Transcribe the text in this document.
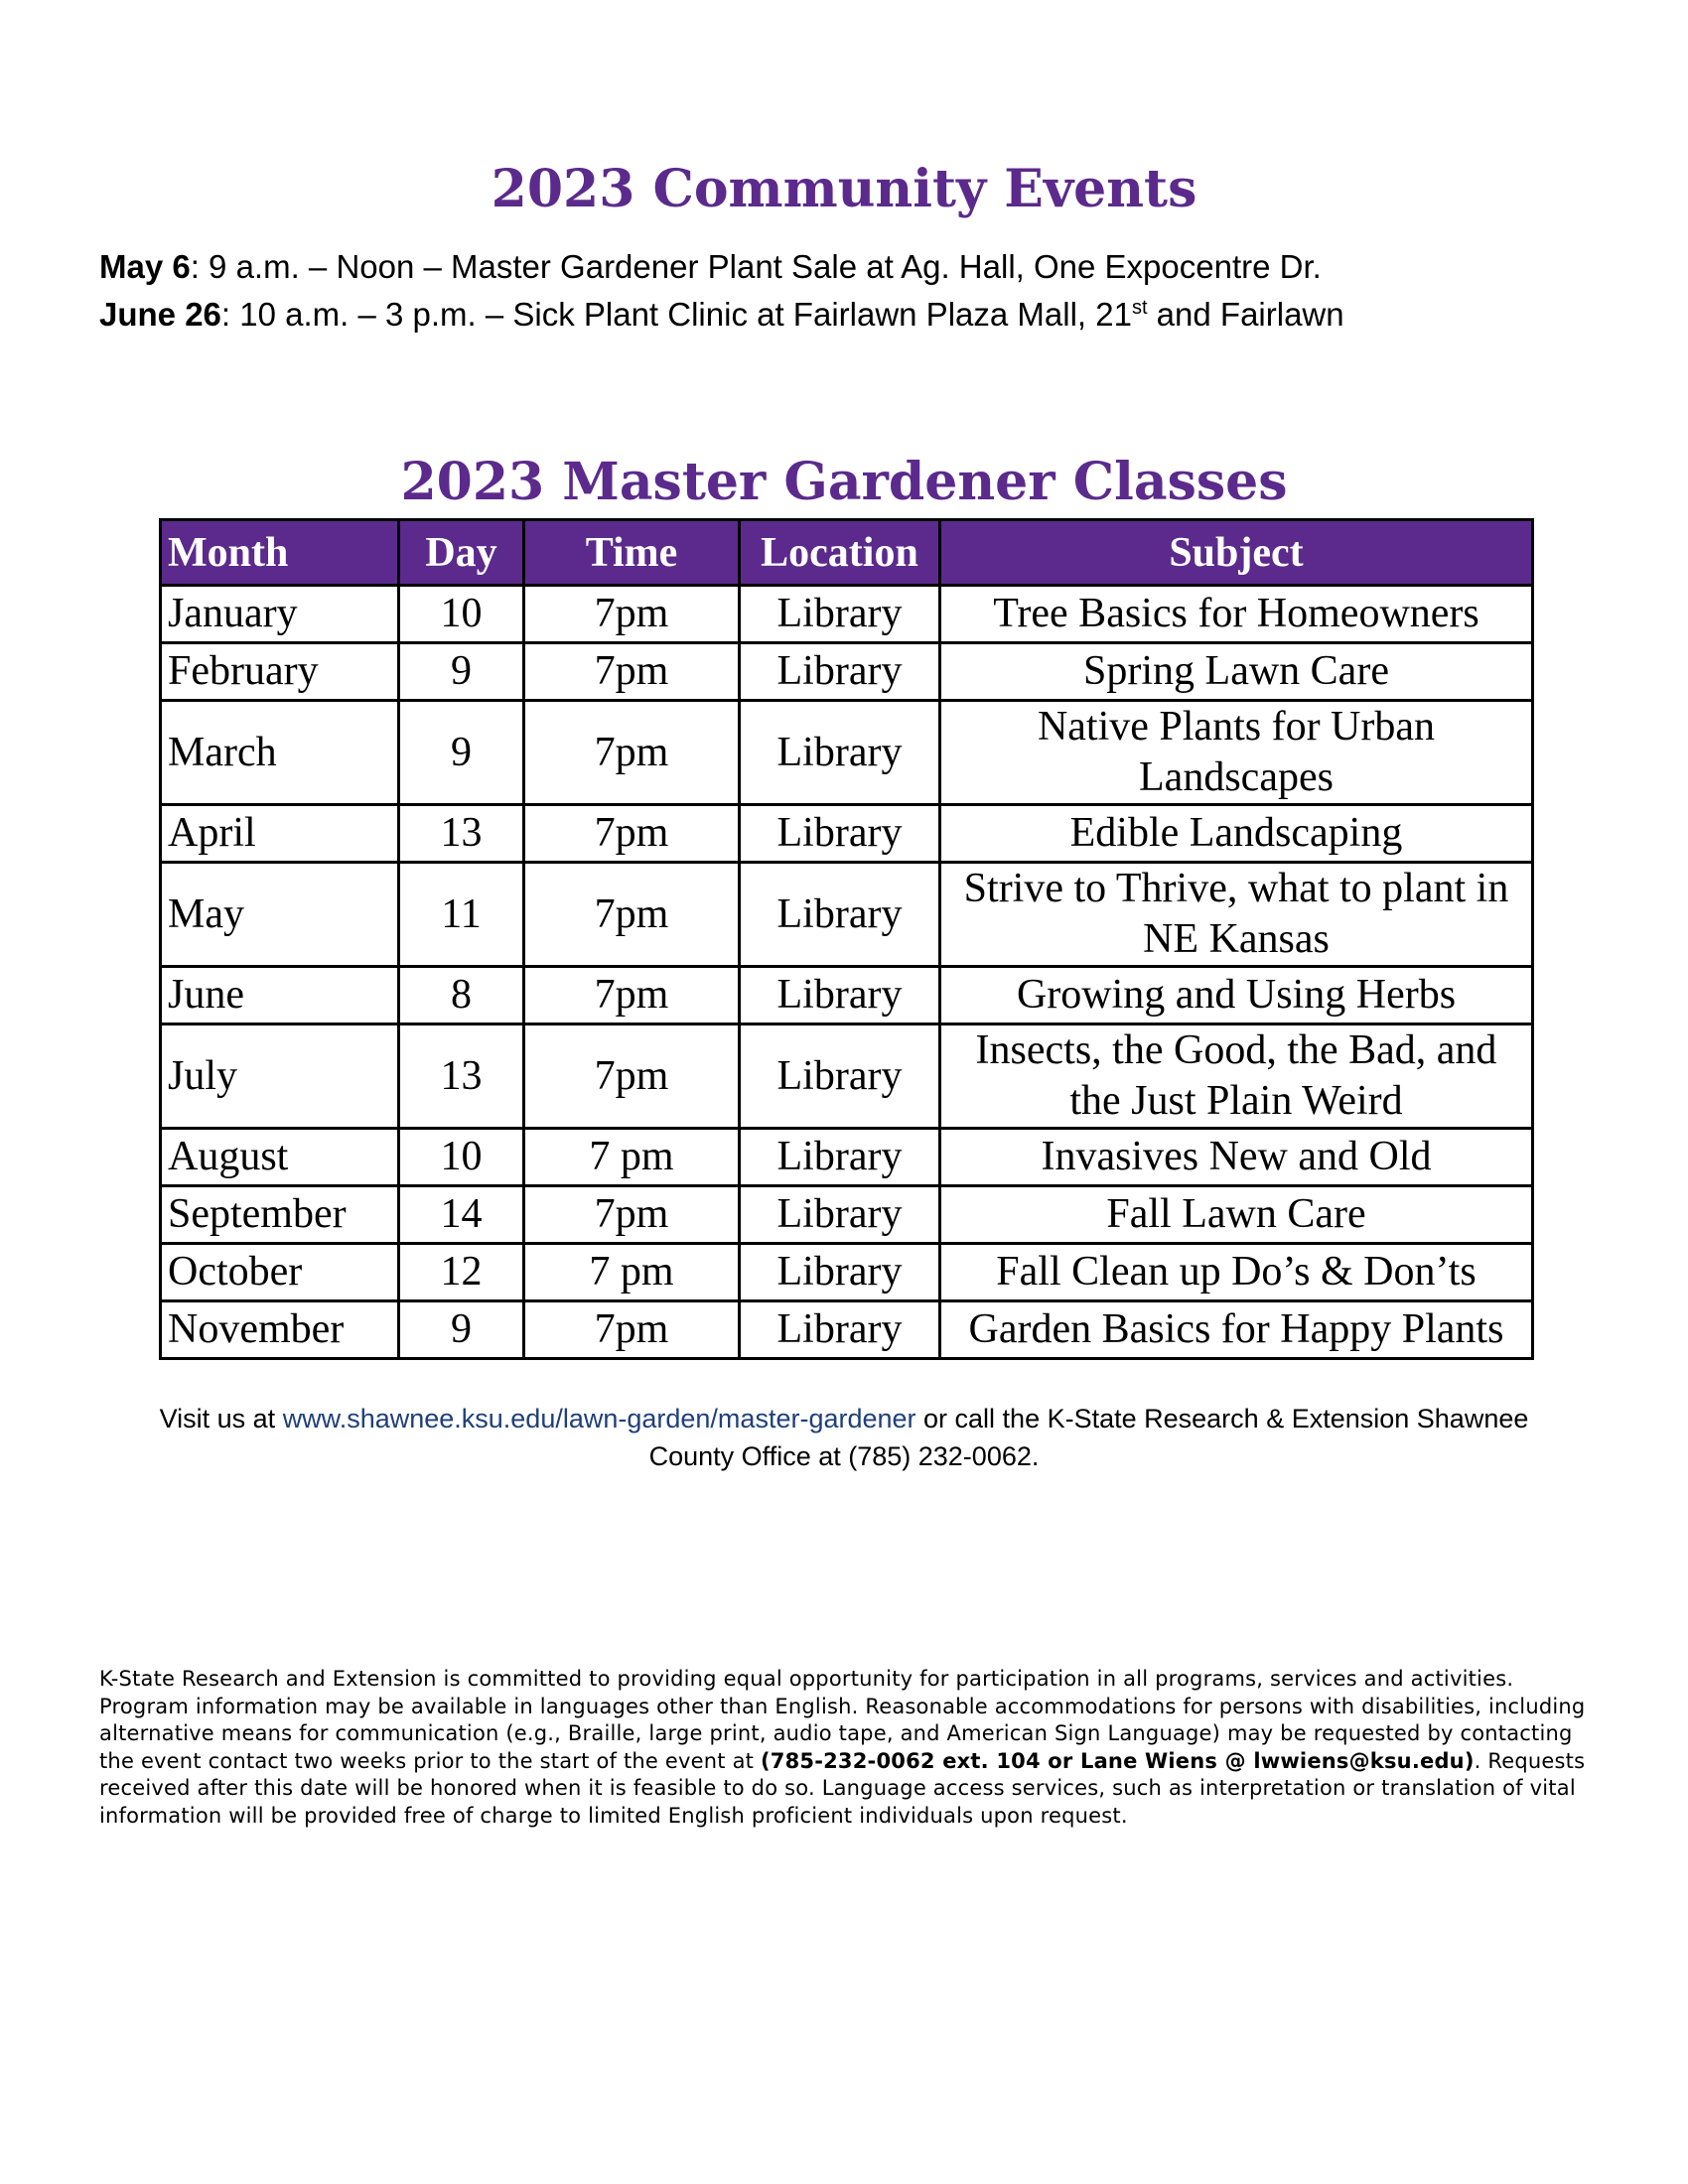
2023 Community Events
May 6: 9 a.m. – Noon – Master Gardener Plant Sale at Ag. Hall, One Expocentre Dr.
June 26: 10 a.m. – 3 p.m. – Sick Plant Clinic at Fairlawn Plaza Mall, 21st and Fairlawn
2023 Master Gardener Classes
Month	Day	Time	Location	Subject
January	10	7pm	Library	Tree Basics for Homeowners

February	9	7pm	Library	Spring Lawn Care

March	9	7pm	Library	Native Plants for Urban
Landscapes

April	13	7pm	Library	Edible Landscaping

May	11	7pm	Library	Strive to Thrive, what to plant in
NE Kansas

June	8	7pm	Library	Growing and Using Herbs

July	13	7pm	Library	Insects, the Good, the Bad, and
the Just Plain Weird

August	10	7 pm	Library	Invasives New and Old

September	14	7pm	Library	Fall Lawn Care

October	12	7 pm	Library	Fall Clean up Do’s & Don’ts

November	9	7pm	Library	Garden Basics for Happy Plants
Visit us at www.shawnee.ksu.edu/lawn-garden/master-gardener or call the K-State Research & Extension Shawnee
County Office at (785) 232-0062.
K-State Research and Extension is committed to providing equal opportunity for participation in all programs, services and activities. Program information may be available in languages other than English. Reasonable accommodations for persons with disabilities, including alternative means for communication (e.g., Braille, large print, audio tape, and American Sign Language) may be requested by contacting the event contact two weeks prior to the start of the event at (785-232-0062 ext. 104 or Lane Wiens @ lwwiens@ksu.edu). Requests received after this date will be honored when it is feasible to do so. Language access services, such as interpretation or translation of vital information will be provided free of charge to limited English proficient individuals upon request.
